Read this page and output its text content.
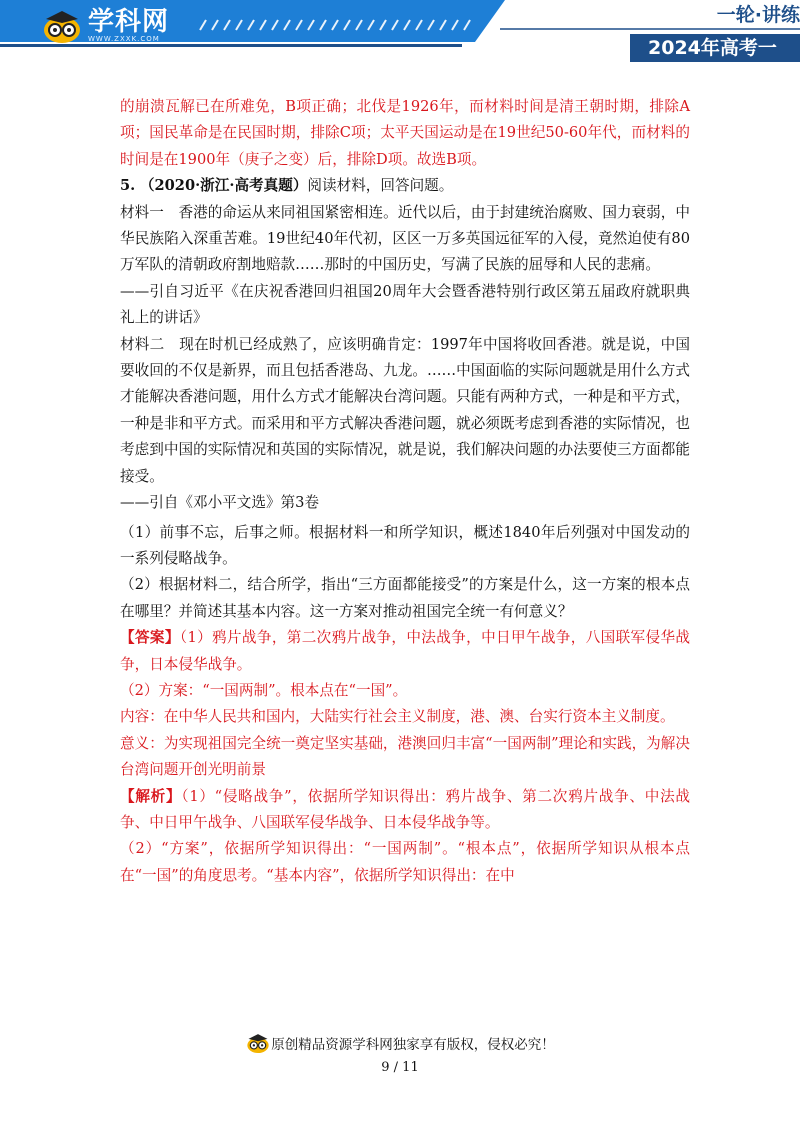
学科网
WWW.ZXXK.COM
一轮·讲练
2024年高考一

的崩溃瓦解已在所难免，B项正确；北伐是1926年，而材料时间是清王朝时期，排除A项；国民革命是在民国时期，排除C项；太平天国运动是在19世纪50-60年代，而材料的时间是在1900年（庚子之变）后，排除D项。故选B项。

5. （2020·浙江·高考真题）阅读材料，回答问题。

材料一　香港的命运从来同祖国紧密相连。近代以后，由于封建统治腐败、国力衰弱，中华民族陷入深重苦难。19世纪40年代初，区区一万多英国远征军的入侵，竟然迫使有80万军队的清朝政府割地赔款……那时的中国历史，写满了民族的屈辱和人民的悲痛。

——引自习近平《在庆祝香港回归祖国20周年大会暨香港特别行政区第五届政府就职典礼上的讲话》

材料二　现在时机已经成熟了，应该明确肯定：1997年中国将收回香港。就是说，中国要收回的不仅是新界，而且包括香港岛、九龙。……中国面临的实际问题就是用什么方式才能解决香港问题，用什么方式才能解决台湾问题。只能有两种方式，一种是和平方式，一种是非和平方式。而采用和平方式解决香港问题，就必须既考虑到香港的实际情况，也考虑到中国的实际情况和英国的实际情况，就是说，我们解决问题的办法要使三方面都能接受。

——引自《邓小平文选》第3卷

（1）前事不忘，后事之师。根据材料一和所学知识，概述1840年后列强对中国发动的一系列侵略战争。

（2）根据材料二，结合所学，指出“三方面都能接受”的方案是什么，这一方案的根本点在哪里？并简述其基本内容。这一方案对推动祖国完全统一有何意义？

【答案】（1）鸦片战争，第二次鸦片战争，中法战争，中日甲午战争，八国联军侵华战争，日本侵华战争。

（2）方案：“一国两制”。根本点在“一国”。

内容：在中华人民共和国内，大陆实行社会主义制度，港、澳、台实行资本主义制度。

意义：为实现祖国完全统一奠定坚实基础，港澳回归丰富“一国两制”理论和实践，为解决台湾问题开创光明前景

【解析】（1）“侵略战争”，依据所学知识得出：鸦片战争、第二次鸦片战争、中法战争、中日甲午战争、八国联军侵华战争、日本侵华战争等。

（2）“方案”，依据所学知识得出：“一国两制”。“根本点”，依据所学知识从根本点在“一国”的角度思考。“基本内容”，依据所学知识得出：在中

原创精品资源学科网独家享有版权，侵权必究！
9 / 11
